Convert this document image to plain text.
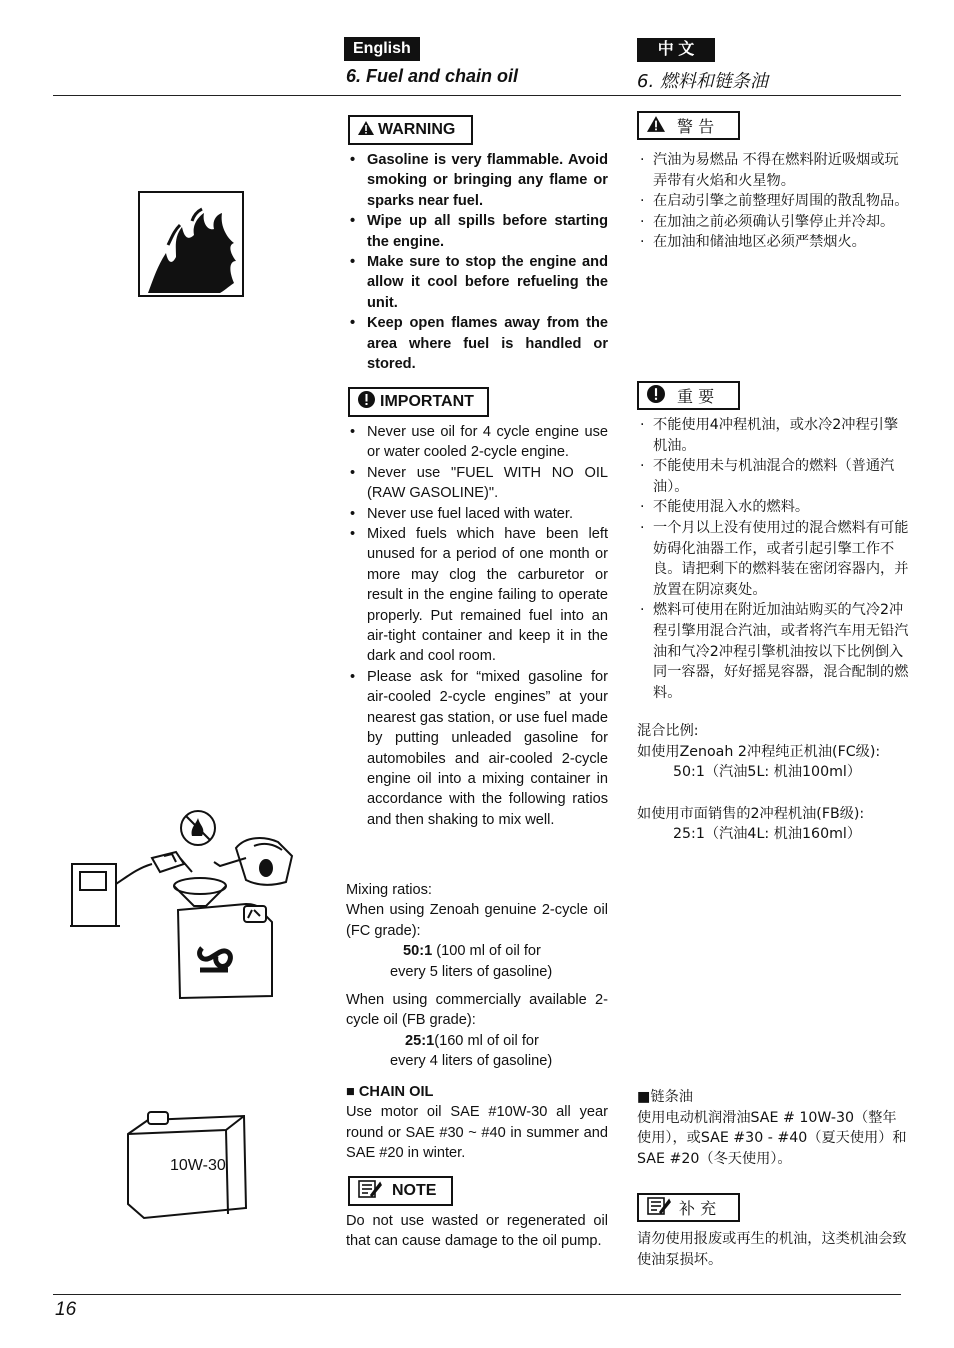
English	中 文
6. Fuel and chain oil	6. 燃料和链条油
WARNING	警 告
• Gasoline is very flammable. Avoid smoking or bringing any flame or sparks near fuel.
• Wipe up all spills before starting the engine.
• Make sure to stop the engine and allow it cool before refueling the unit.
• Keep open flames away from the area where fuel is handled or stored.
· 汽油为易燃品 不得在燃料附近吸烟或玩弄带有火焰和火星物。
· 在启动引擎之前整理好周围的散乱物品。
· 在加油之前必须确认引擎停止并冷却。
· 在加油和储油地区必须严禁烟火。
IMPORTANT	重 要
• Never use oil for 4 cycle engine use or water cooled 2-cycle engine.
• Never use "FUEL WITH NO OIL (RAW GASOLINE)".
• Never use fuel laced with water.
• Mixed fuels which have been left unused for a period of one month or more may clog the carburetor or result in the engine failing to operate properly. Put remained fuel into an air-tight container and keep it in the dark and cool room.
• Please ask for “mixed gasoline for air-cooled 2-cycle engines” at your nearest gas station, or use fuel made by putting unleaded gasoline for automobiles and air-cooled 2-cycle engine oil into a mixing container in accordance with the following ratios and then shaking to mix well.
· 不能使用4冲程机油，或水冷2冲程引擎机油。
· 不能使用未与机油混合的燃料（普通汽油）。
· 不能使用混入水的燃料。
· 一个月以上没有使用过的混合燃料有可能妨碍化油器工作，或者引起引擎工作不良。请把剩下的燃料装在密闭容器内，并放置在阴凉爽处。
· 燃料可使用在附近加油站购买的气冷2冲程引擎用混合汽油，或者将汽车用无铅汽油和气冷2冲程引擎机油按以下比例倒入同一容器，好好摇晃容器，混合配制的燃料。
Mixing ratios:
When using Zenoah genuine 2-cycle oil (FC grade):
50:1 (100 ml of oil for
every 5 liters of gasoline)
When using commercially available 2-cycle oil (FB grade):
25:1(160 ml of oil for
every 4 liters of gasoline)
混合比例:
如使用Zenoah 2冲程纯正机油(FC级):
50:1（汽油5L: 机油100ml）
如使用市面销售的2冲程机油(FB级):
25:1（汽油4L: 机油160ml）
10W-30
■ CHAIN OIL
Use motor oil SAE #10W-30 all year round or SAE #30 ~ #40 in summer and SAE #20 in winter.
■链条油
使用电动机润滑油SAE # 10W-30（整年使用），或SAE #30 - #40（夏天使用）和SAE #20（冬天使用）。
NOTE
补 充
Do not use wasted or regenerated oil that can cause damage to the oil pump.	请勿使用报废或再生的机油，这类机油会致使油泵损坏。
16
